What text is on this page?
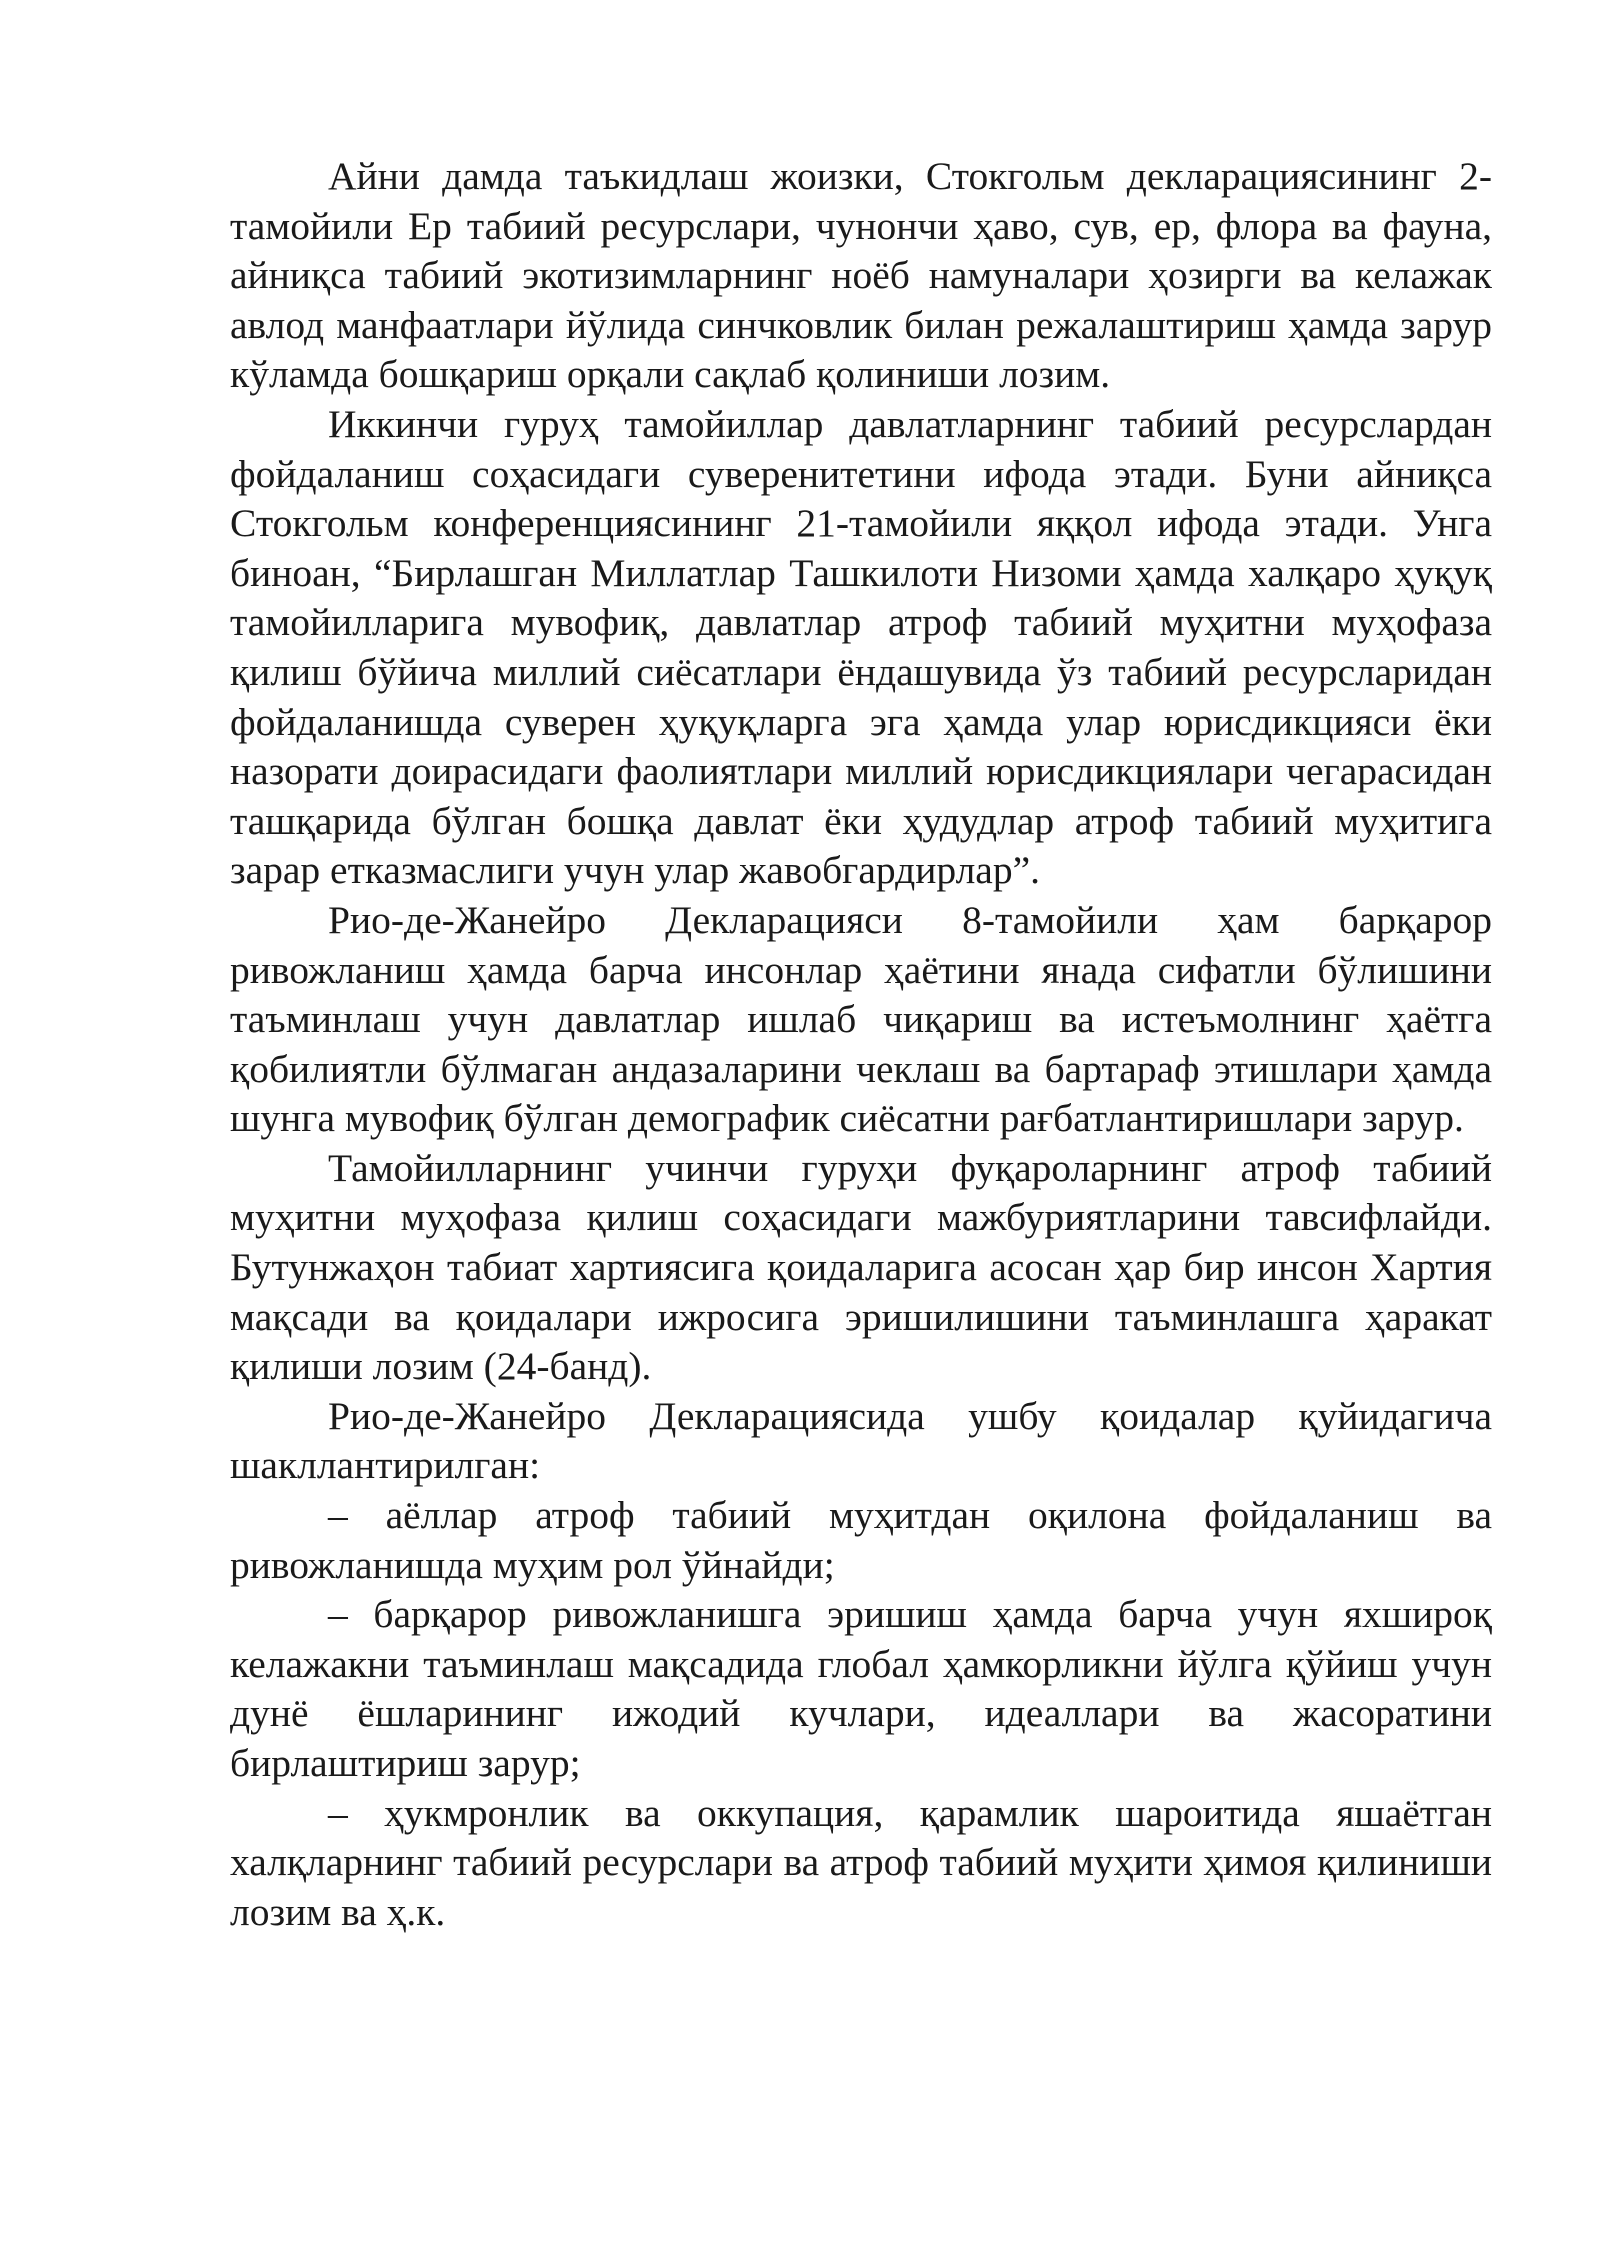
Айни дамда таъкидлаш жоизки, Стокгольм декларациясининг 2-тамойили Ер табиий ресурслари, чунончи ҳаво, сув, ер, флора ва фауна, айниқса табиий экотизимларнинг ноёб намуналари ҳозирги ва келажак авлод манфаатлари йўлида синчковлик билан режалаштириш ҳамда зарур кўламда бошқариш орқали сақлаб қолиниши лозим.

Иккинчи гуруҳ тамойиллар давлатларнинг табиий ресурслардан фойдаланиш соҳасидаги суверенитетини ифода этади. Буни айниқса Стокгольм конференциясининг 21-тамойили яққол ифода этади. Унга биноан, “Бирлашган Миллатлар Ташкилоти Низоми ҳамда халқаро ҳуқуқ тамойилларига мувофиқ, давлатлар атроф табиий муҳитни муҳофаза қилиш бўйича миллий сиёсатлари ёндашувида ўз табиий ресурсларидан фойдаланишда суверен ҳуқуқларга эга ҳамда улар юрисдикцияси ёки назорати доирасидаги фаолиятлари миллий юрисдикциялари чегарасидан ташқарида бўлган бошқа давлат ёки ҳудудлар атроф табиий муҳитига зарар етказмаслиги учун улар жавобгардирлар”.

Рио-де-Жанейро Декларацияси 8-тамойили ҳам барқарор ривожланиш ҳамда барча инсонлар ҳаётини янада сифатли бўлишини таъминлаш учун давлатлар ишлаб чиқариш ва истеъмолнинг ҳаётга қобилиятли бўлмаган андазаларини чеклаш ва бартараф этишлари ҳамда шунга мувофиқ бўлган демографик сиёсатни рағбатлантиришлари зарур.

Тамойилларнинг учинчи гуруҳи фуқароларнинг атроф табиий муҳитни муҳофаза қилиш соҳасидаги мажбуриятларини тавсифлайди. Бутунжаҳон табиат хартиясига қоидаларига асосан ҳар бир инсон Хартия мақсади ва қоидалари ижросига эришилишини таъминлашга ҳаракат қилиши лозим (24-банд).

Рио-де-Жанейро Декларациясида ушбу қоидалар қуйидагича шакллантирилган:

– аёллар атроф табиий муҳитдан оқилона фойдаланиш ва ривожланишда муҳим рол ўйнайди;

– барқарор ривожланишга эришиш ҳамда барча учун яхшироқ келажакни таъминлаш мақсадида глобал ҳамкорликни йўлга қўйиш учун дунё ёшларининг ижодий кучлари, идеаллари ва жасоратини бирлаштириш зарур;

– ҳукмронлик ва оккупация, қарамлик шароитида яшаётган халқларнинг табиий ресурслари ва атроф табиий муҳити ҳимоя қилиниши лозим ва ҳ.к.
